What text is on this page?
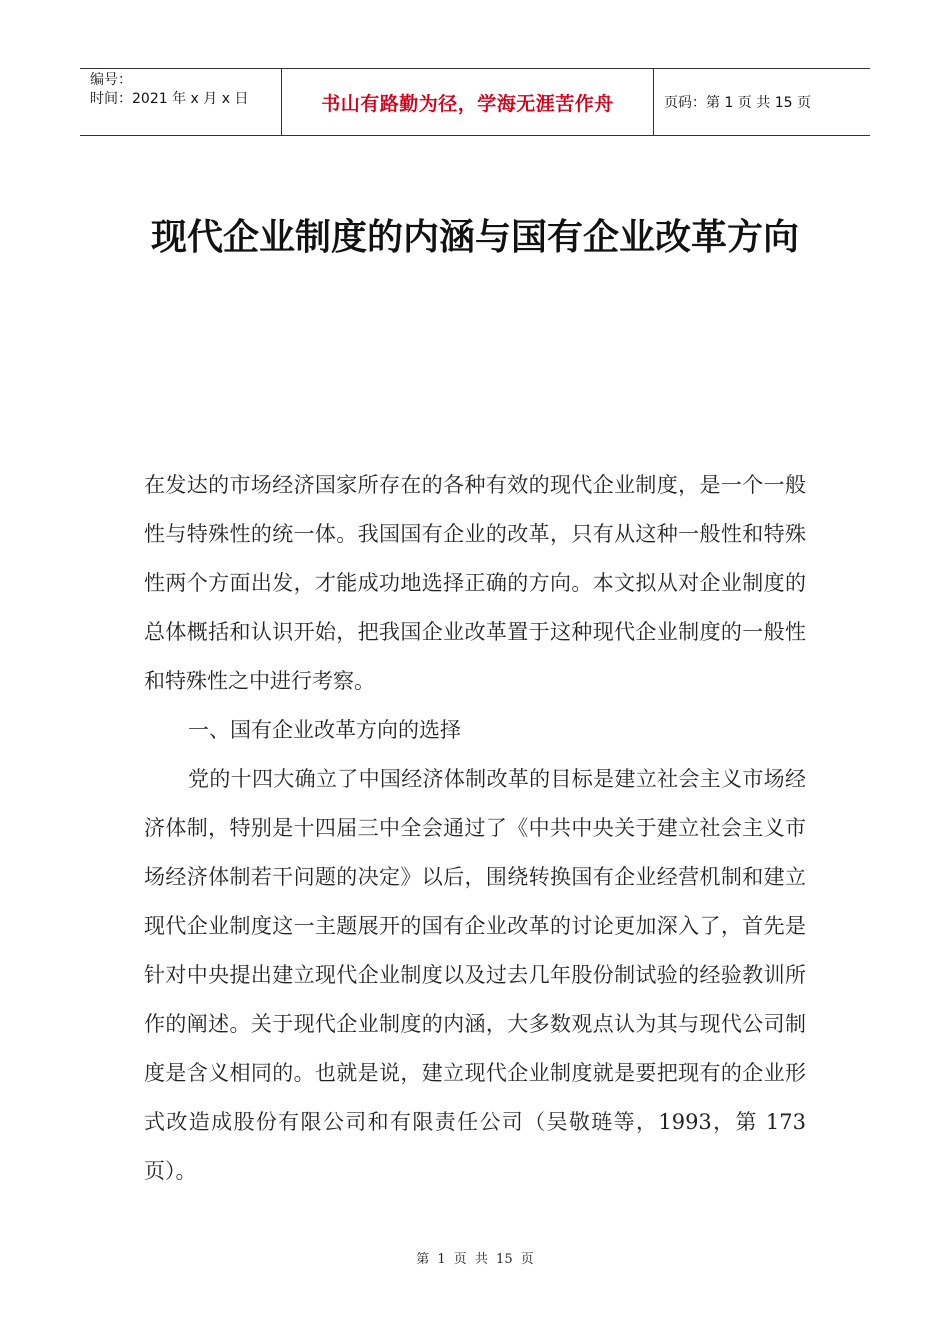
编号：
时间：2021 年 x 月 x 日	书山有路勤为径，学海无涯苦作舟	页码：第 1 页 共 15 页
现代企业制度的内涵与国有企业改革方向

在发达的市场经济国家所存在的各种有效的现代企业制度，是一个一般性与特殊性的统一体。我国国有企业的改革，只有从这种一般性和特殊性两个方面出发，才能成功地选择正确的方向。本文拟从对企业制度的总体概括和认识开始，把我国企业改革置于这种现代企业制度的一般性和特殊性之中进行考察。

一、国有企业改革方向的选择

党的十四大确立了中国经济体制改革的目标是建立社会主义市场经济体制，特别是十四届三中全会通过了《中共中央关于建立社会主义市场经济体制若干问题的决定》以后，围绕转换国有企业经营机制和建立现代企业制度这一主题展开的国有企业改革的讨论更加深入了，首先是针对中央提出建立现代企业制度以及过去几年股份制试验的经验教训所作的阐述。关于现代企业制度的内涵，大多数观点认为其与现代公司制度是含义相同的。也就是说，建立现代企业制度就是要把现有的企业形式改造成股份有限公司和有限责任公司（吴敬琏等，1993，第 173 页）。

第 1 页 共 15 页
